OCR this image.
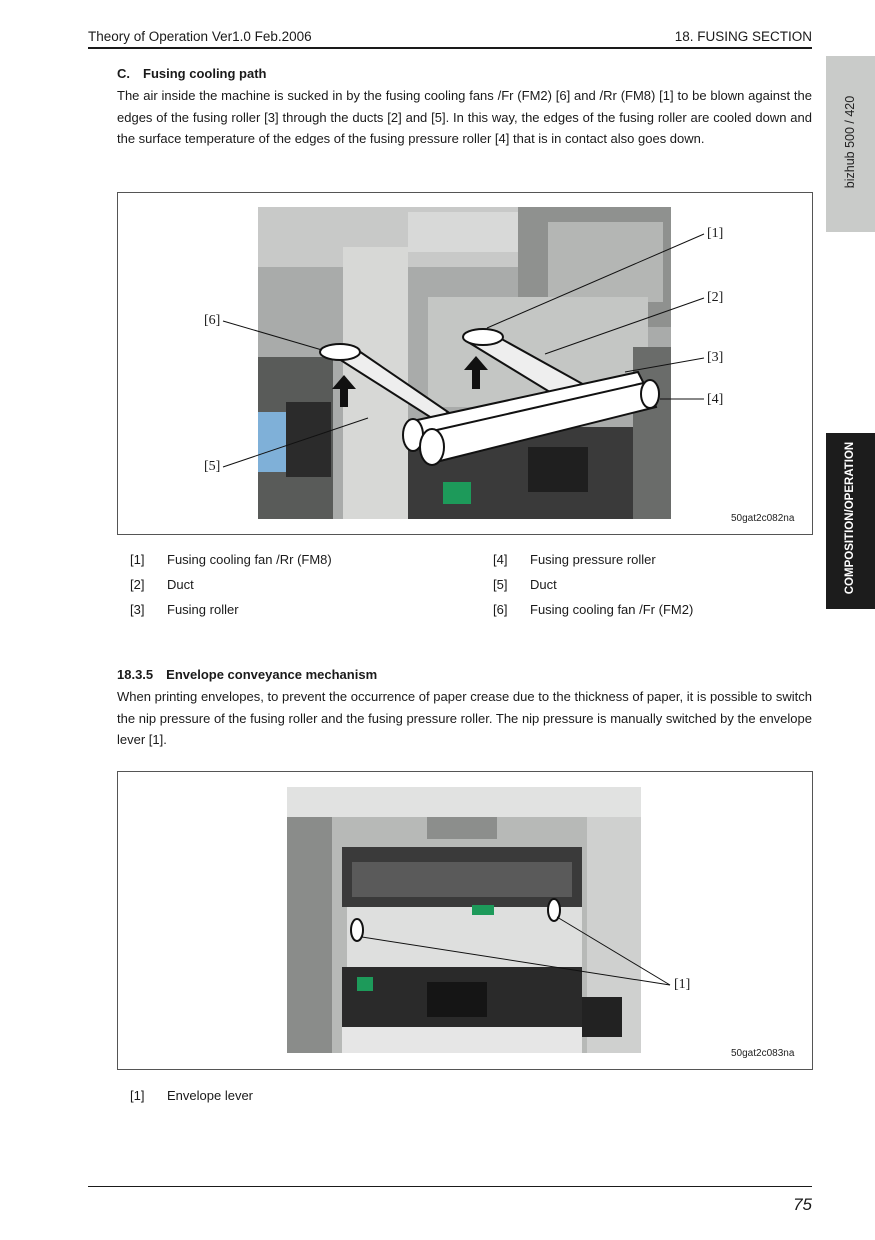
Theory of Operation Ver1.0 Feb.2006	18. FUSING SECTION
bizhub 500 / 420
COMPOSITION/OPERATION
C. Fusing cooling path
The air inside the machine is sucked in by the fusing cooling fans /Fr (FM2) [6] and /Rr (FM8) [1] to be blown against the edges of the fusing roller [3] through the ducts [2] and [5]. In this way, the edges of the fusing roller are cooled down and the surface temperature of the edges of the fusing pressure roller [4] that is in contact also goes down.
[1]
[2]
[3]
[4]
[5]
[6]
50gat2c082na
[1] Fusing cooling fan /Rr (FM8)
[2] Duct
[3] Fusing roller
[4] Fusing pressure roller
[5] Duct
[6] Fusing cooling fan /Fr (FM2)
18.3.5 Envelope conveyance mechanism
When printing envelopes, to prevent the occurrence of paper crease due to the thickness of paper, it is possible to switch the nip pressure of the fusing roller and the fusing pressure roller. The nip pressure is manually switched by the envelope lever [1].
[1]
50gat2c083na
[1] Envelope lever
75
